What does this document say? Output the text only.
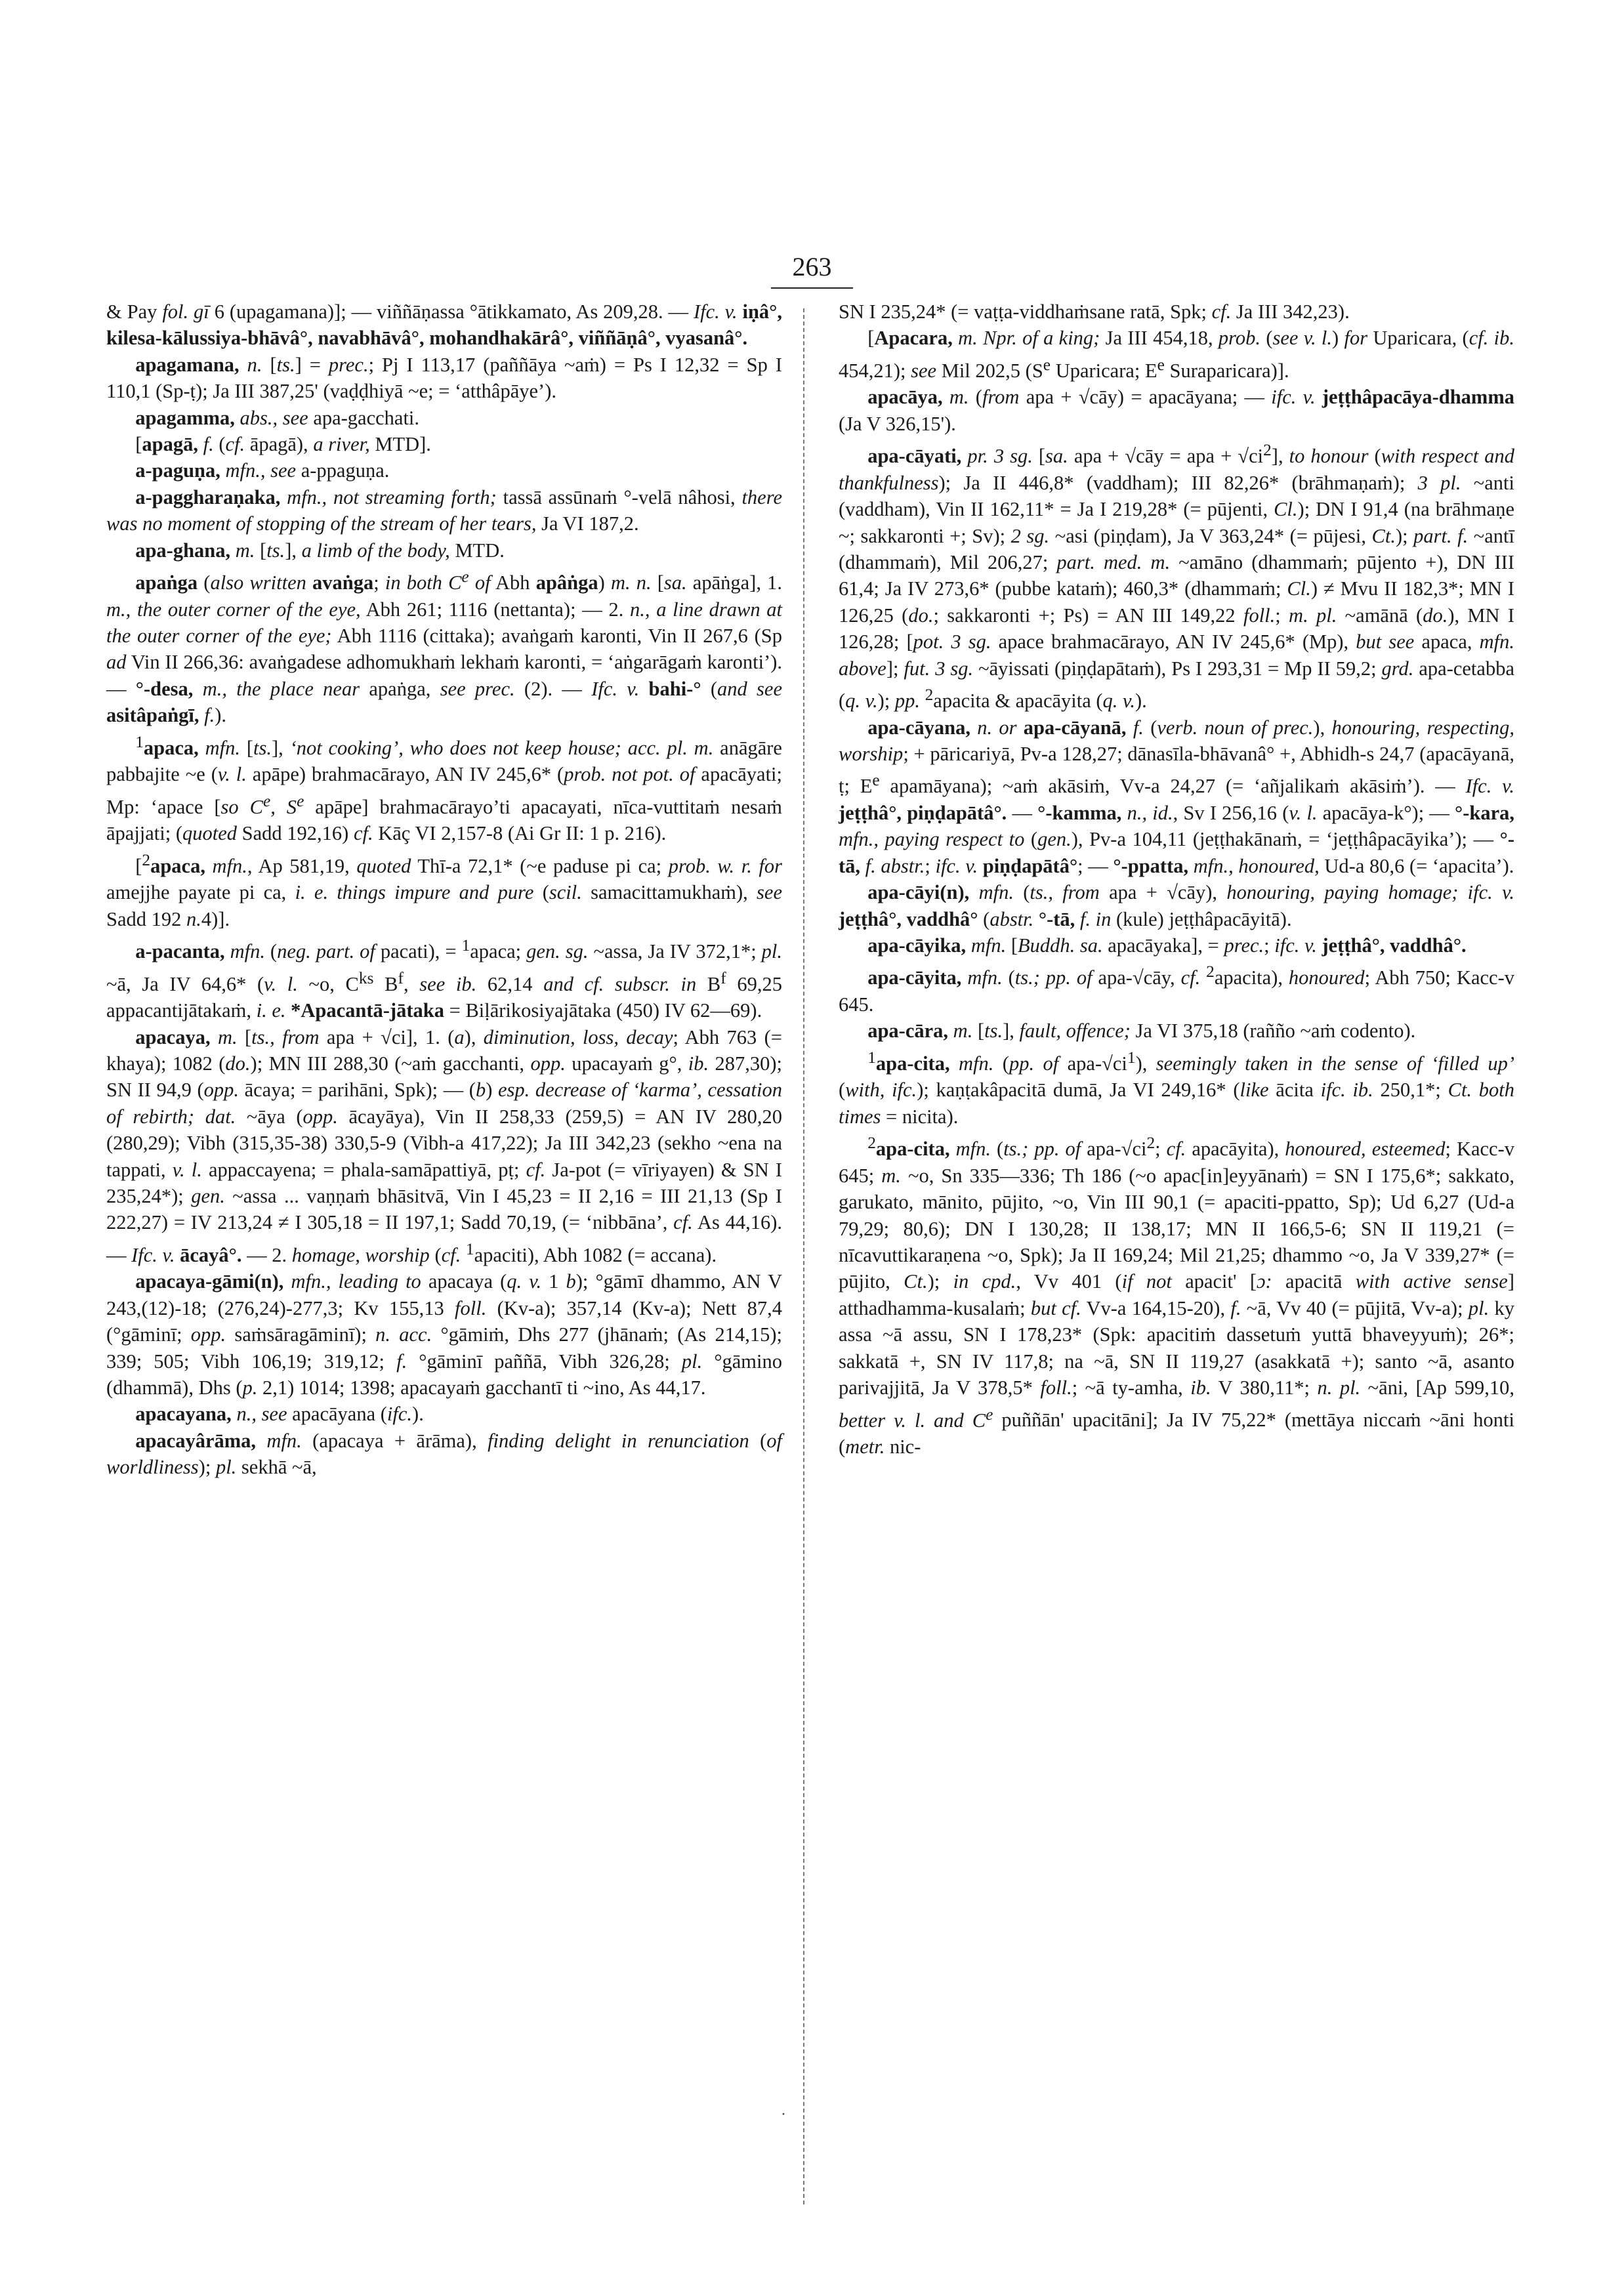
263

& Pay fol. gī 6 (upagamana)]; — viññāṇassa °ātikkamato, As 209,28. — Ifc. v. iṇâ°, kilesa-kālussiya-bhāvâ°, navabhāvâ°, mohandhakārâ°, viññāṇâ°, vyasanâ°.

apagamana, n. [ts.] = prec.; Pj I 113,17 (paññāya ~aṁ) = Ps I 12,32 = Sp I 110,1 (Sp-ṭ); Ja III 387,25' (vaḍḍhiyā ~e; = ‘atthâpāye’).

apagamma, abs., see apa-gacchati.

[apagā, f. (cf. āpagā), a river, MTD].

a-paguṇa, mfn., see a-ppaguṇa.

a-paggharaṇaka, mfn., not streaming forth; tassā assūnaṁ °-velā nâhosi, there was no moment of stopping of the stream of her tears, Ja VI 187,2.

apa-ghana, m. [ts.], a limb of the body, MTD.

apaṅga (also written avaṅga; in both Ce of Abh apâṅga) m. n. [sa. apāṅga], 1. m., the outer corner of the eye, Abh 261; 1116 (nettanta); — 2. n., a line drawn at the outer corner of the eye; Abh 1116 (cittaka); avaṅgaṁ karonti, Vin II 267,6 (Sp ad Vin II 266,36: avaṅgadese adhomukhaṁ lekhaṁ karonti, = ‘aṅgarāgaṁ karonti’). — °-desa, m., the place near apaṅga, see prec. (2). — Ifc. v. bahi-° (and see asitâpaṅgī, f.).

$^1$apaca, mfn. [ts.], ‘not cooking’, who does not keep house; acc. pl. m. anāgāre pabbajite ~e (v. l. apāpe) brahmacārayo, AN IV 245,6* (prob. not pot. of apacāyati; Mp: ‘apace [so Ce, $S^e$ apāpe] brahmacārayo’ti apacayati, nīca-vuttitaṁ nesaṁ āpajjati; (quoted Sadd 192,16) cf. Kāç VI 2,157-8 (Ai Gr II: 1 p. 216).

[$^2$apaca, mfn., Ap 581,19, quoted Thī-a 72,1* (~e paduse pi ca; prob. w. r. for amejjhe payate pi ca, i. e. things impure and pure (scil. samacittamukhaṁ), see Sadd 192 n.4)].

a-pacanta, mfn. (neg. part. of pacati), = $^1$apaca; gen. sg. ~assa, Ja IV 372,1*; pl. ~ā, Ja IV 64,6* (v. l. ~o, $C^{ks}$ $B^f$, see ib. 62,14 and cf. subscr. in $B^f$ 69,25 appacantijātakaṁ, i. e. *Apacantā-jātaka = Biḷārikosiyajātaka (450) IV 62—69).

apacaya, m. [ts., from apa + √ci], 1. (a), diminution, loss, decay; Abh 763 (= khaya); 1082 (do.); MN III 288,30 (~aṁ gacchanti, opp. upacayaṁ g°, ib. 287,30); SN II 94,9 (opp. ācaya; = parihāni, Spk); — (b) esp. decrease of ‘karma’, cessation of rebirth; dat. ~āya (opp. ācayāya), Vin II 258,33 (259,5) = AN IV 280,20 (280,29); Vibh (315,35-38) 330,5-9 (Vibh-a 417,22); Ja III 342,23 (sekho ~ena na tappati, v. l. appaccayena; = phala-samāpattiyā, pṭ; cf. Ja-pot (= vīriyayen) & SN I 235,24*); gen. ~assa ... vaṇṇaṁ bhāsitvā, Vin I 45,23 = II 2,16 = III 21,13 (Sp I 222,27) = IV 213,24 ≠ I 305,18 = II 197,1; Sadd 70,19, (= ‘nibbāna’, cf. As 44,16). — Ifc. v. ācayâ°. — 2. homage, worship (cf. $^1$apaciti), Abh 1082 (= accana).

apacaya-gāmi(n), mfn., leading to apacaya (q. v. 1 b); °gāmī dhammo, AN V 243,(12)-18; (276,24)-277,3; Kv 155,13 foll. (Kv-a); 357,14 (Kv-a); Nett 87,4 (°gāminī; opp. saṁsāragāminī); n. acc. °gāmiṁ, Dhs 277 (jhānaṁ; (As 214,15); 339; 505; Vibh 106,19; 319,12; f. °gāminī paññā, Vibh 326,28; pl. °gāmino (dhammā), Dhs (p. 2,1) 1014; 1398; apacayaṁ gacchantī ti ~ino, As 44,17.

apacayana, n., see apacāyana (ifc.).

apacayârāma, mfn. (apacaya + ārāma), finding delight in renunciation (of worldliness); pl. sekhā ~ā,

SN I 235,24* (= vaṭṭa-viddhaṁsane ratā, Spk; cf. Ja III 342,23).

[Apacara, m. Npr. of a king; Ja III 454,18, prob. (see v. l.) for Uparicara, (cf. ib. 454,21); see Mil 202,5 ($S^e$ Uparicara; $E^e$ Suraparicara)].

apacāya, m. (from apa + √cāy) = apacāyana; — ifc. v. jeṭṭhâpacāya-dhamma (Ja V 326,15').

apa-cāyati, pr. 3 sg. [sa. apa + √cāy = apa + $√ci^2$], to honour (with respect and thankfulness); Ja II 446,8* (vaddham); III 82,26* (brāhmaṇaṁ); 3 pl. ~anti (vaddham), Vin II 162,11* = Ja I 219,28* (= pūjenti, Cl.); DN I 91,4 (na brāhmaṇe ~; sakkaronti +; Sv); 2 sg. ~asi (piṇḍam), Ja V 363,24* (= pūjesi, Ct.); part. f. ~antī (dhammaṁ), Mil 206,27; part. med. m. ~amāno (dhammaṁ; pūjento +), DN III 61,4; Ja IV 273,6* (pubbe kataṁ); 460,3* (dhammaṁ; Cl.) ≠ Mvu II 182,3*; MN I 126,25 (do.; sakkaronti +; Ps) = AN III 149,22 foll.; m. pl. ~amānā (do.), MN I 126,28; [pot. 3 sg. apace brahmacārayo, AN IV 245,6* (Mp), but see apaca, mfn. above]; fut. 3 sg. ~āyissati (piṇḍapātaṁ), Ps I 293,31 = Mp II 59,2; grd. apa-cetabba (q. v.); pp. $^2$apacita & apacāyita (q. v.).

apa-cāyana, n. or apa-cāyanā, f. (verb. noun of prec.), honouring, respecting, worship; + pāricariyā, Pv-a 128,27; dānasīla-bhāvanâ° +, Abhidh-s 24,7 (apacāyanā, ṭ; $E^e$ apamāyana); ~aṁ akāsiṁ, Vv-a 24,27 (= ‘añjalikaṁ akāsiṁ’). — Ifc. v. jeṭṭhâ°, piṇḍapātâ°. — °-kamma, n., id., Sv I 256,16 (v. l. apacāya-k°); — °-kara, mfn., paying respect to (gen.), Pv-a 104,11 (jeṭṭhakānaṁ, = ‘jeṭṭhâpacāyika’); — °-tā, f. abstr.; ifc. v. piṇḍapātâ°; — °-ppatta, mfn., honoured, Ud-a 80,6 (= ‘apacita’).

apa-cāyi(n), mfn. (ts., from apa + √cāy), honouring, paying homage; ifc. v. jeṭṭhâ°, vaddhâ° (abstr. °-tā, f. in (kule) jeṭṭhâpacāyitā).

apa-cāyika, mfn. [Buddh. sa. apacāyaka], = prec.; ifc. v. jeṭṭhâ°, vaddhâ°.

apa-cāyita, mfn. (ts.; pp. of apa-√cāy, cf. $^2$apacita), honoured; Abh 750; Kacc-v 645.

apa-cāra, m. [ts.], fault, offence; Ja VI 375,18 (rañño ~aṁ codento).

$^1$apa-cita, mfn. (pp. of apa-$√ci^1$), seemingly taken in the sense of ‘filled up’ (with, ifc.); kaṇṭakâpacitā dumā, Ja VI 249,16* (like ācita ifc. ib. 250,1*; Ct. both times = nicita).

$^2$apa-cita, mfn. (ts.; pp. of apa-$√ci^2$; cf. apacāyita), honoured, esteemed; Kacc-v 645; m. ~o, Sn 335—336; Th 186 (~o apac[in]eyyānaṁ) = SN I 175,6*; sakkato, garukato, mānito, pūjito, ~o, Vin III 90,1 (= apaciti-ppatto, Sp); Ud 6,27 (Ud-a 79,29; 80,6); DN I 130,28; II 138,17; MN II 166,5-6; SN II 119,21 (= nīcavuttikaraṇena ~o, Spk); Ja II 169,24; Mil 21,25; dhammo ~o, Ja V 339,27* (= pūjito, Ct.); in cpd., Vv 401 (if not apacit' [ɔ: apacitā with active sense] atthadhamma-kusalaṁ; but cf. Vv-a 164,15-20), f. ~ā, Vv 40 (= pūjitā, Vv-a); pl. ky assa ~ā assu, SN I 178,23* (Spk: apacitiṁ dassetuṁ yuttā bhaveyyuṁ); 26*; sakkatā +, SN IV 117,8; na ~ā, SN II 119,27 (asakkatā +); santo ~ā, asanto parivajjitā, Ja V 378,5* foll.; ~ā ty-amha, ib. V 380,11*; n. pl. ~āni, [Ap 599,10, better v. l. and Ce puññān' upacitāni]; Ja IV 75,22* (mettāya niccaṁ ~āni honti (metr. nic-

·
